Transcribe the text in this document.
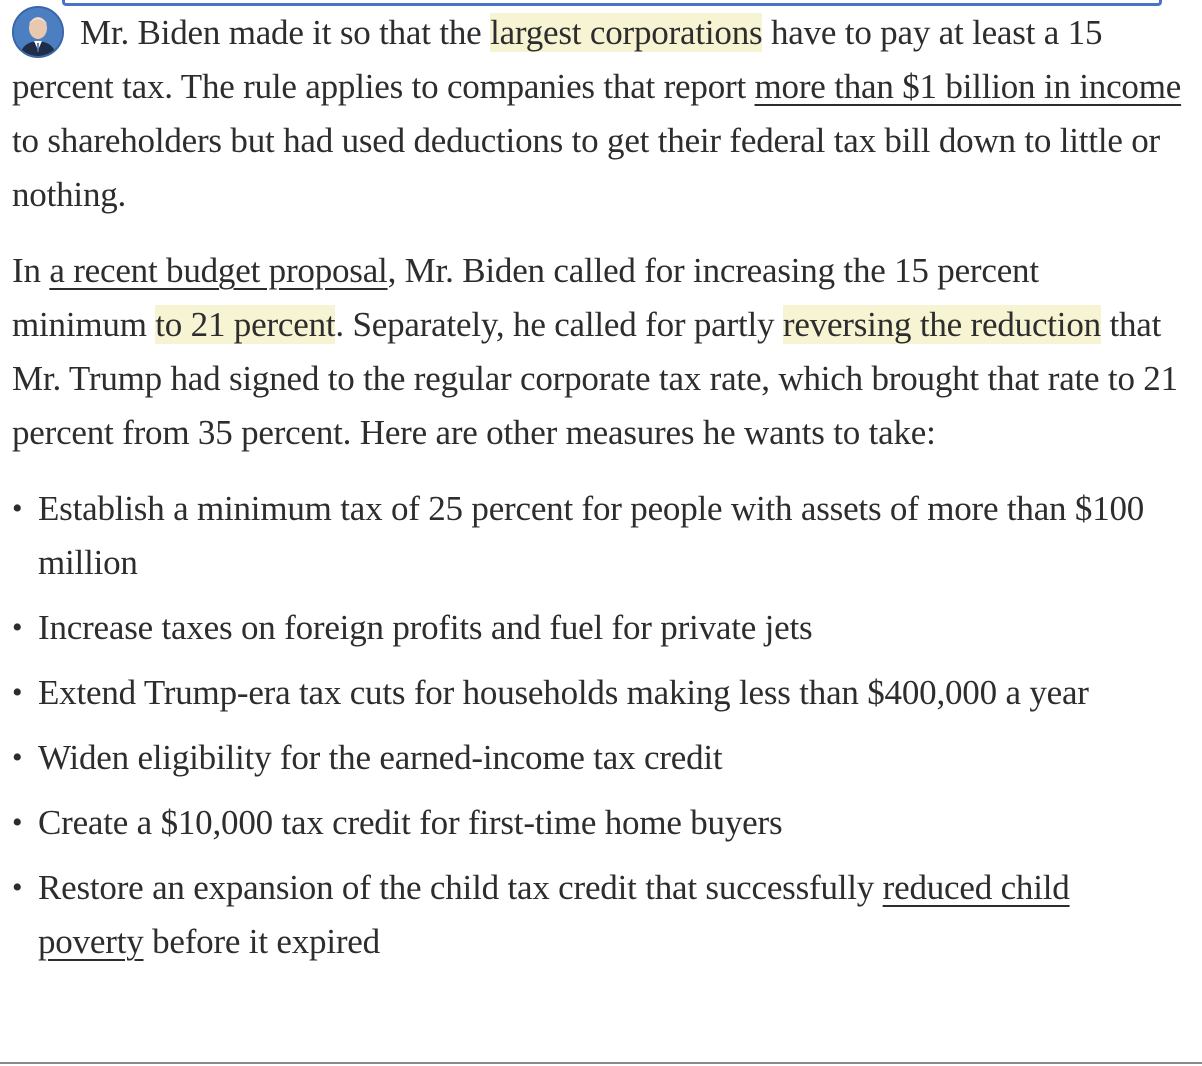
Mr. Biden made it so that the largest corporations have to pay at least a 15 percent tax. The rule applies to companies that report more than $1 billion in income to shareholders but had used deductions to get their federal tax bill down to little or nothing.

In a recent budget proposal, Mr. Biden called for increasing the 15 percent minimum to 21 percent. Separately, he called for partly reversing the reduction that Mr. Trump had signed to the regular corporate tax rate, which brought that rate to 21 percent from 35 percent. Here are other measures he wants to take:

• Establish a minimum tax of 25 percent for people with assets of more than $100 million
• Increase taxes on foreign profits and fuel for private jets
• Extend Trump-era tax cuts for households making less than $400,000 a year
• Widen eligibility for the earned-income tax credit
• Create a $10,000 tax credit for first-time home buyers
• Restore an expansion of the child tax credit that successfully reduced child poverty before it expired
